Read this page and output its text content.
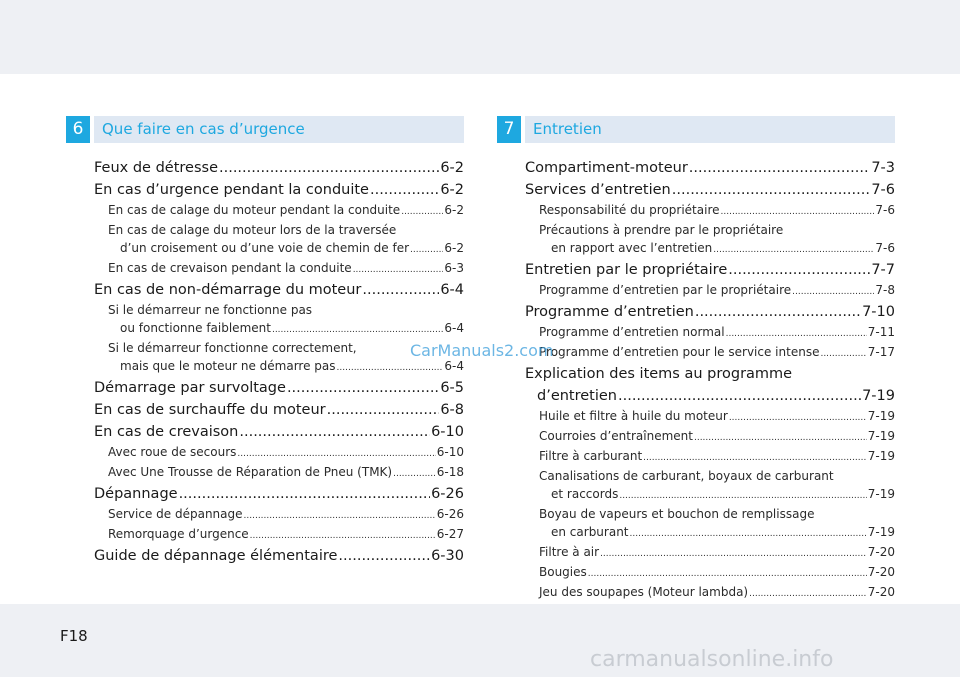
6	Que faire en cas d’urgence
Feux de détresse .....	6-2
En cas d’urgence pendant la conduite .....	6-2
En cas de calage du moteur pendant la conduite .....	6-2
En cas de calage du moteur lors de la traversée
d’un croisement ou d’une voie de chemin de fer .....	6-2
En cas de crevaison pendant la conduite .....	6-3
En cas de non-démarrage du moteur .....	6-4
Si le démarreur ne fonctionne pas
ou fonctionne faiblement .....	6-4
Si le démarreur fonctionne correctement,
mais que le moteur ne démarre pas .....	6-4
Démarrage par survoltage .....	6-5
En cas de surchauffe du moteur .....	6-8
En cas de crevaison .....	6-10
Avec roue de secours .....	6-10
Avec Une Trousse de Réparation de Pneu (TMK) .....	6-18
Dépannage .....	6-26
Service de dépannage .....	6-26
Remorquage d’urgence .....	6-27
Guide de dépannage élémentaire .....	6-30
7	Entretien
Compartiment-moteur .....	7-3
Services d’entretien .....	7-6
Responsabilité du propriétaire .....	7-6
Précautions à prendre par le propriétaire
en rapport avec l’entretien .....	7-6
Entretien par le propriétaire .....	7-7
Programme d’entretien par le propriétaire .....	7-8
Programme d’entretien .....	7-10
Programme d’entretien normal .....	7-11
Programme d’entretien pour le service intense .....	7-17
Explication des items au programme
d’entretien .....	7-19
Huile et filtre à huile du moteur .....	7-19
Courroies d’entraînement .....	7-19
Filtre à carburant .....	7-19
Canalisations de carburant, boyaux de carburant
et raccords .....	7-19
Boyau de vapeurs et bouchon de remplissage
en carburant .....	7-19
Filtre à air .....	7-20
Bougies .....	7-20
Jeu des soupapes (Moteur lambda) .....	7-20
CarManuals2.com
F18
carmanualsonline.info
